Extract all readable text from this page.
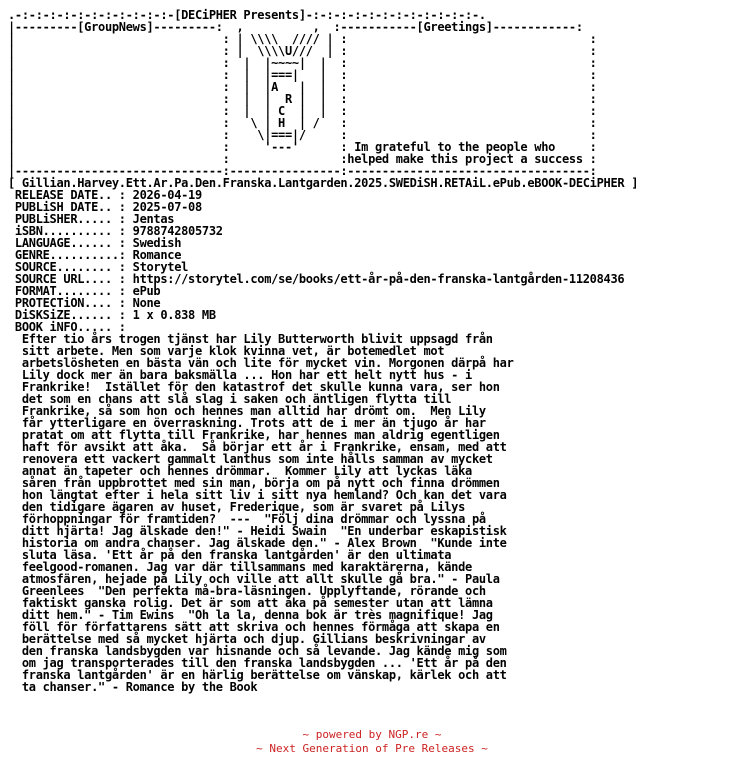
.-:-:-:-:-:-:-:-:-:-:-:-[DECiPHER Presents]-:-:-:-:-:-:-:-:-:-:-:-:-.
|---------[GroupNews]---------:  ,          ,  :-----------[Greetings]------------:
|                              : | \\\\  //// | :                                   :
|                              : |  \\\\U///  | :                                   :
|                              :  |  |~~~~|  |  :                                   :
|                              :  |  |===|   |  :                                   :
|                              :  |  |A   |  |  :                                   :
|                              :  |  |  R |  |  :                                   :
|                              :  |  | C  |  |  :                                   :
|                              :   \ | H  | /   :                                   :
|                              :    \|===|/     :                                   :
|                              :     '---'      : Im grateful to the people who     :
|                              :                :helped make this project a success :
|------------------------------:----------------:-----------------------------------:
[ Gillian.Harvey.Ett.Ar.Pa.Den.Franska.Lantgarden.2025.SWEDiSH.RETAiL.ePub.eBOOK-DECiPHER ]
RELEASE DATE.. : 2026-04-19
PUBLiSH DATE.. : 2025-07-08
PUBLiSHER..... : Jentas
iSBN.......... : 9788742805732
LANGUAGE...... : Swedish
GENRE..........: Romance
SOURCE........ : Storytel
SOURCE URL.... : https://storytel.com/se/books/ett-år-på-den-franska-lantgården-11208436
FORMAT........ : ePub
PROTECTiON.... : None
DiSKSiZE...... : 1 x 0.838 MB
BOOK iNFO..... :
Efter tio års trogen tjänst har Lily Butterworth blivit uppsagd från
sitt arbete. Men som varje klok kvinna vet, är botemedlet mot
arbetslösheten en bästa vän och lite för mycket vin. Morgonen därpå har
Lily dock mer än bara baksmälla ... Hon har ett helt nytt hus - i
Frankrike!  Istället för den katastrof det skulle kunna vara, ser hon
det som en chans att slå slag i saken och äntligen flytta till
Frankrike, så som hon och hennes man alltid har drömt om.  Men Lily
får ytterligare en överraskning. Trots att de i mer än tjugo år har
pratat om att flytta till Frankrike, har hennes man aldrig egentligen
haft för avsikt att åka.  Så börjar ett år i Frankrike, ensam, med att
renovera ett vackert gammalt lanthus som inte hålls samman av mycket
annat än tapeter och hennes drömmar.  Kommer Lily att lyckas läka
såren från uppbrottet med sin man, börja om på nytt och finna drömmen
hon längtat efter i hela sitt liv i sitt nya hemland? Och kan det vara
den tidigare ägaren av huset, Frederique, som är svaret på Lilys
förhoppningar för framtiden?  ---  "Följ dina drömmar och lyssna på
ditt hjärta! Jag älskade den!" - Heidi Swain  "En underbar eskapistisk
historia om andra chanser. Jag älskade den." - Alex Brown  "Kunde inte
sluta läsa. 'Ett år på den franska lantgården' är den ultimata
feelgood-romanen. Jag var där tillsammans med karaktärerna, kände
atmosfären, hejade på Lily och ville att allt skulle gå bra." - Paula
Greenlees  "Den perfekta må-bra-läsningen. Upplyftande, rörande och
faktiskt ganska rolig. Det är som att åka på semester utan att lämna
ditt hem." - Tim Ewins  "Oh la la, denna bok är très magnifique! Jag
föll för författarens sätt att skriva och hennes förmåga att skapa en
berättelse med så mycket hjärta och djup. Gillians beskrivningar av
den franska landsbygden var hisnande och så levande. Jag kände mig som
om jag transporterades till den franska landsbygden ... 'Ett år på den
franska lantgården' är en härlig berättelse om vänskap, kärlek och att
ta chanser." - Romance by the Book
~ powered by NGP.re ~
~ Next Generation of Pre Releases ~
